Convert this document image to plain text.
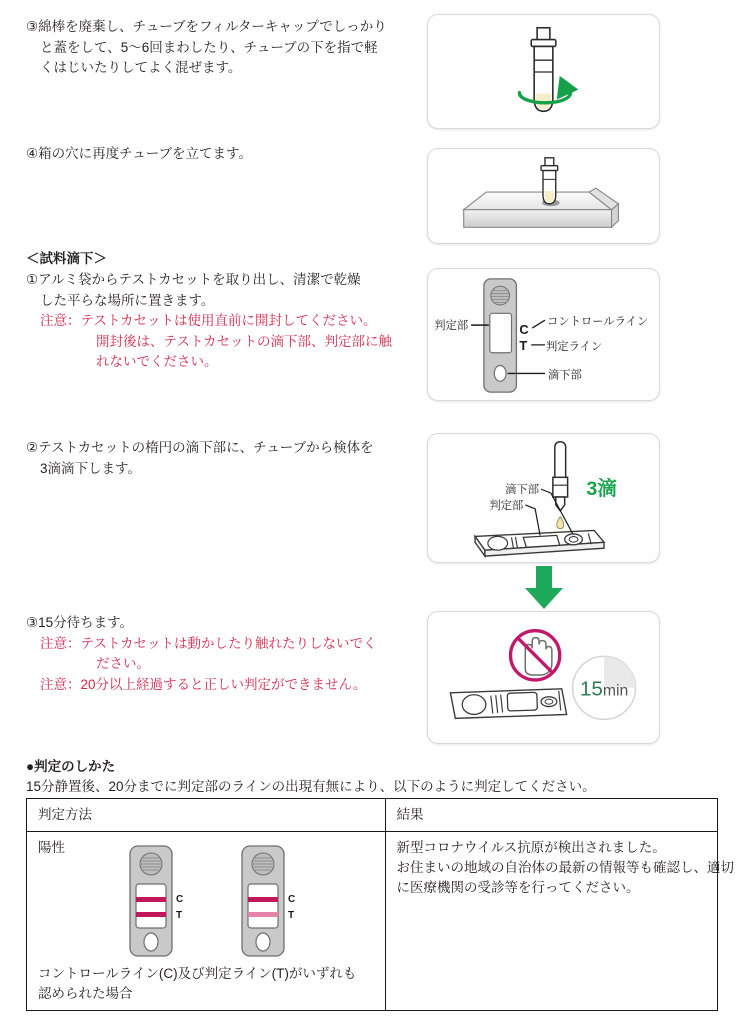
③綿棒を廃棄し、チューブをフィルターキャップでしっかり
と蓋をして、5〜6回まわしたり、チューブの下を指で軽
くはじいたりしてよく混ぜます。
④箱の穴に再度チューブを立てます。
＜試料滴下＞
①アルミ袋からテストカセットを取り出し、清潔で乾燥
した平らな場所に置きます。
注意：テストカセットは使用直前に開封してください。
開封後は、テストカセットの滴下部、判定部に触
れないでください。
判定部	C
T
コントロールライン
判定ライン
滴下部
②テストカセットの楕円の滴下部に、チューブから検体を
3滴滴下します。
3滴
滴下部
判定部
③15分待ちます。
注意：テストカセットは動かしたり触れたりしないでく
ださい。
注意：20分以上経過すると正しい判定ができません。	15min
●判定のしかた
15分静置後、20分までに判定部のラインの出現有無により、以下のように判定してください。
判定方法	結果

陽性
C
T
C
T
コントロールライン(C)及び判定ライン(T)がいずれも
認められた場合

新型コロナウイルス抗原が検出されました。
お住まいの地域の自治体の最新の情報等も確認し、適切
に医療機関の受診等を行ってください。
